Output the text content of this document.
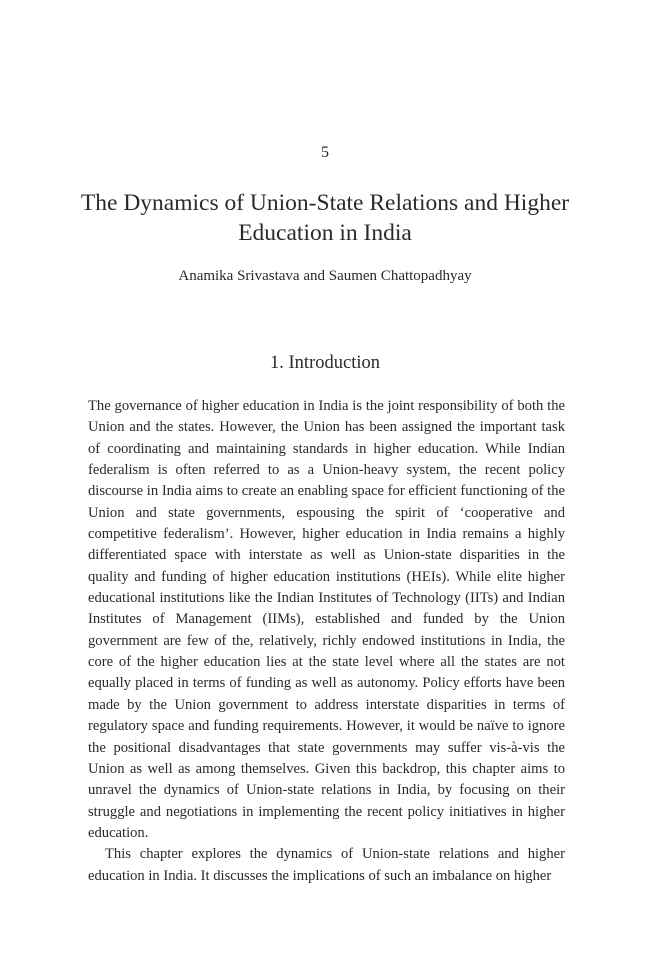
5
The Dynamics of Union-State Relations and Higher Education in India
Anamika Srivastava and Saumen Chattopadhyay
1. Introduction

The governance of higher education in India is the joint responsibility of both the Union and the states. However, the Union has been assigned the important task of coordinating and maintaining standards in higher education. While Indian federalism is often referred to as a Union-heavy system, the recent policy discourse in India aims to create an enabling space for efficient functioning of the Union and state governments, espousing the spirit of ‘cooperative and competitive federalism’. However, higher education in India remains a highly differentiated space with interstate as well as Union-state disparities in the quality and funding of higher education institutions (HEIs). While elite higher educational institutions like the Indian Institutes of Technology (IITs) and Indian Institutes of Management (IIMs), established and funded by the Union government are few of the, relatively, richly endowed institutions in India, the core of the higher education lies at the state level where all the states are not equally placed in terms of funding as well as autonomy. Policy efforts have been made by the Union government to address interstate disparities in terms of regulatory space and funding requirements. However, it would be naïve to ignore the positional disadvantages that state governments may suffer vis-à-vis the Union as well as among themselves. Given this backdrop, this chapter aims to unravel the dynamics of Union-state relations in India, by focusing on their struggle and negotiations in implementing the recent policy initiatives in higher education.

This chapter explores the dynamics of Union-state relations and higher education in India. It discusses the implications of such an imbalance on higher
